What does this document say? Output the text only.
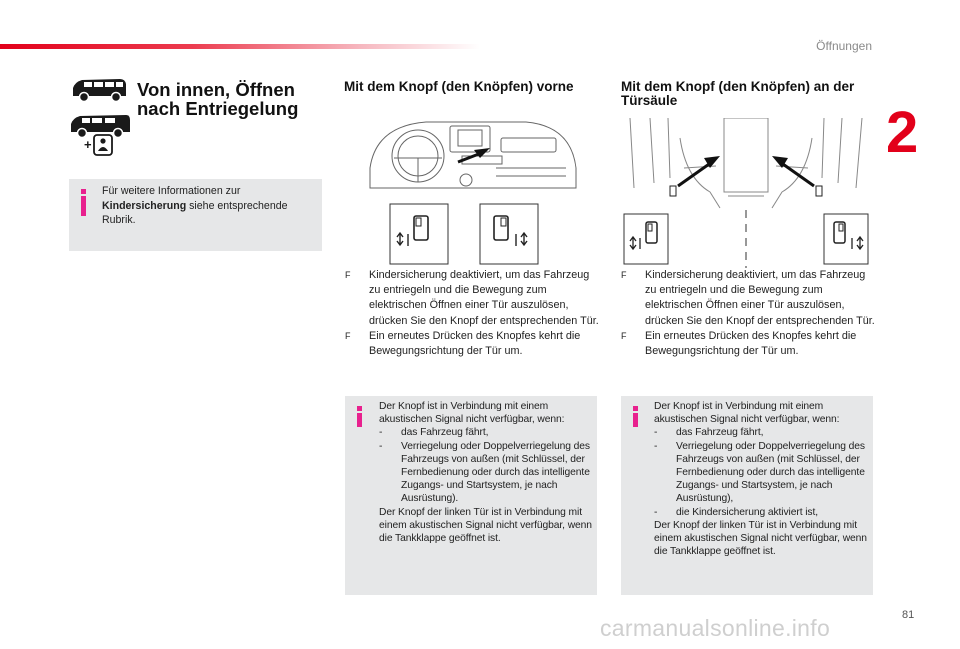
Öffnungen
2
+
Von innen, Öffnen nach Entriegelung
Für weitere Informationen zur
Kindersicherung siehe entsprechende
Rubrik.
Mit dem Knopf (den Knöpfen) vorne
F Kindersicherung deaktiviert, um das Fahrzeug zu entriegeln und die Bewegung zum elektrischen Öffnen einer Tür auszulösen, drücken Sie den Knopf der entsprechenden Tür.
F Ein erneutes Drücken des Knopfes kehrt die Bewegungsrichtung der Tür um.
Der Knopf ist in Verbindung mit einem akustischen Signal nicht verfügbar, wenn:
- das Fahrzeug fährt,
- Verriegelung oder Doppelverriegelung des Fahrzeugs von außen (mit Schlüssel, der Fernbedienung oder durch das intelligente Zugangs- und Startsystem, je nach Ausrüstung).
Der Knopf der linken Tür ist in Verbindung mit einem akustischen Signal nicht verfügbar, wenn die Tankklappe geöffnet ist.
Mit dem Knopf (den Knöpfen) an der Türsäule
F Kindersicherung deaktiviert, um das Fahrzeug zu entriegeln und die Bewegung zum elektrischen Öffnen einer Tür auszulösen, drücken Sie den Knopf der entsprechenden Tür.
F Ein erneutes Drücken des Knopfes kehrt die Bewegungsrichtung der Tür um.
Der Knopf ist in Verbindung mit einem akustischen Signal nicht verfügbar, wenn:
- das Fahrzeug fährt,
- Verriegelung oder Doppelverriegelung des Fahrzeugs von außen (mit Schlüssel, der Fernbedienung oder durch das intelligente Zugangs- und Startsystem, je nach Ausrüstung),
- die Kindersicherung aktiviert ist,
Der Knopf der linken Tür ist in Verbindung mit einem akustischen Signal nicht verfügbar, wenn die Tankklappe geöffnet ist.
81
carmanualsonline.info
